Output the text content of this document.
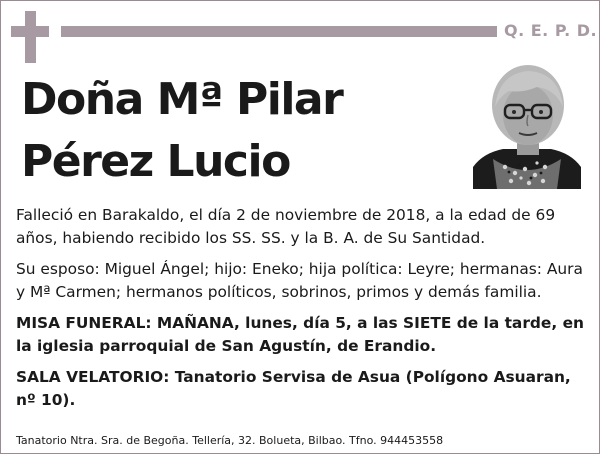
Q. E. P. D.
Doña Mª Pilar
Pérez Lucio

Falleció en Barakaldo, el día 2 de noviembre de 2018, a la edad de 69 años, habiendo recibido los SS. SS. y la B. A. de Su Santidad.

Su esposo: Miguel Ángel; hijo: Eneko; hija política: Leyre; hermanas: Aura y Mª Carmen; hermanos políticos, sobrinos, primos y demás familia.

MISA FUNERAL: MAÑANA, lunes, día 5, a las SIETE de la tarde, en la iglesia parroquial de San Agustín, de Erandio.

SALA VELATORIO: Tanatorio Servisa de Asua (Polígono Asuaran, nº 10).

Tanatorio Ntra. Sra. de Begoña. Tellería, 32. Bolueta, Bilbao. Tfno. 944453558
